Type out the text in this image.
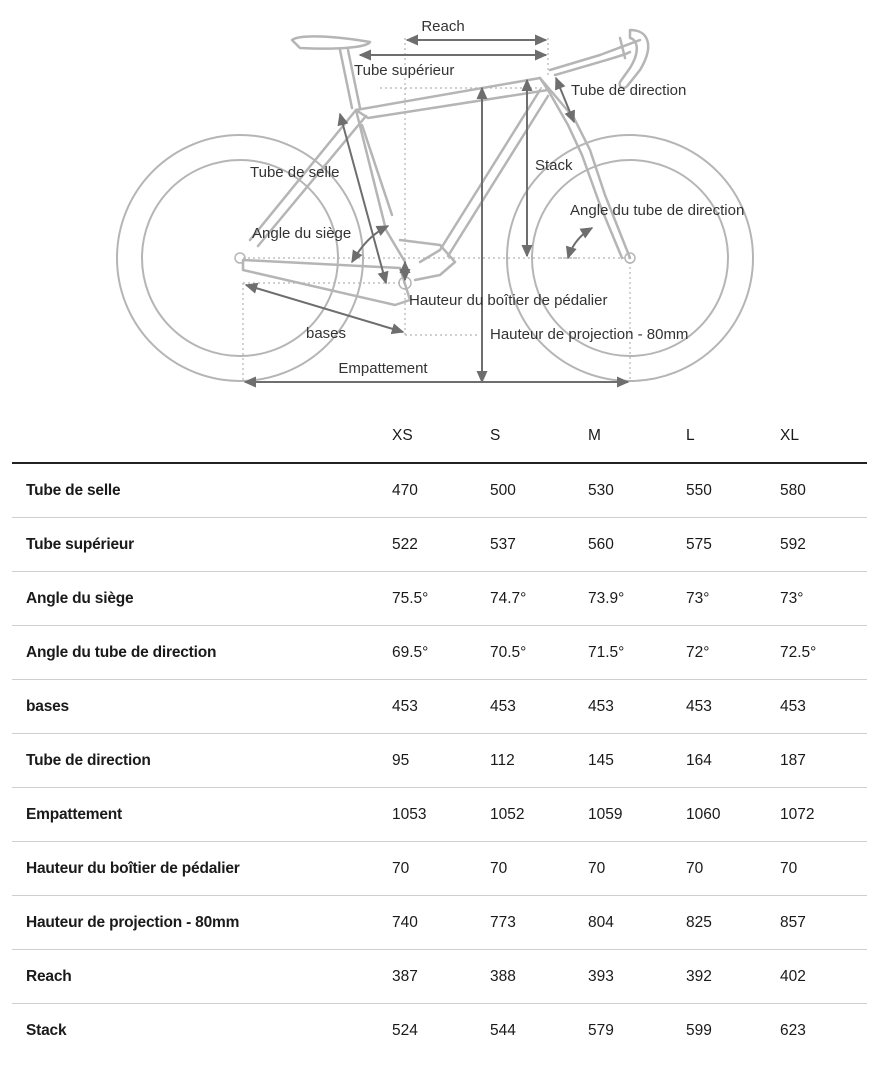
Reach
Tube supérieur
Tube de direction
Stack
Tube de selle
Angle du tube de direction
Angle du siège
Hauteur du boîtier de pédalier
bases	Hauteur de projection - 80mm
Empattement
	XS	S	M	L	XL
Tube de selle	470	500	530	550	580
Tube supérieur	522	537	560	575	592
Angle du siège	75.5°	74.7°	73.9°	73°	73°
Angle du tube de direction	69.5°	70.5°	71.5°	72°	72.5°
bases	453	453	453	453	453
Tube de direction	95	112	145	164	187
Empattement	1053	1052	1059	1060	1072
Hauteur du boîtier de pédalier	70	70	70	70	70
Hauteur de projection - 80mm	740	773	804	825	857
Reach	387	388	393	392	402
Stack	524	544	579	599	623
